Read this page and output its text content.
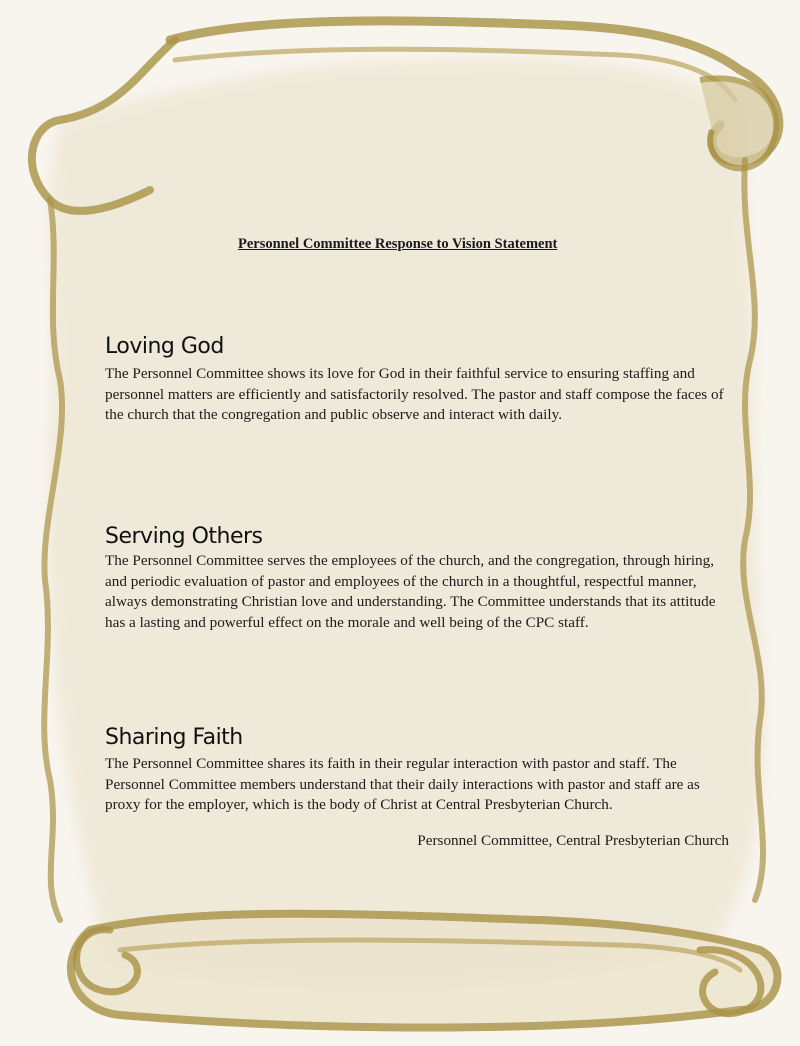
Personnel Committee Response to Vision Statement
Loving God

The Personnel Committee shows its love for God in their faithful service to ensuring staffing and personnel matters are efficiently and satisfactorily resolved. The pastor and staff compose the faces of the church that the congregation and public observe and interact with daily.

Serving Others

The Personnel Committee serves the employees of the church, and the congregation, through hiring, and periodic evaluation of pastor and employees of the church in a thoughtful, respectful manner, always demonstrating Christian love and understanding. The Committee understands that its attitude has a lasting and powerful effect on the morale and well being of the CPC staff.

Sharing Faith

The Personnel Committee shares its faith in their regular interaction with pastor and staff. The Personnel Committee members understand that their daily interactions with pastor and staff are as proxy for the employer, which is the body of Christ at Central Presbyterian Church.

Personnel Committee, Central Presbyterian Church
